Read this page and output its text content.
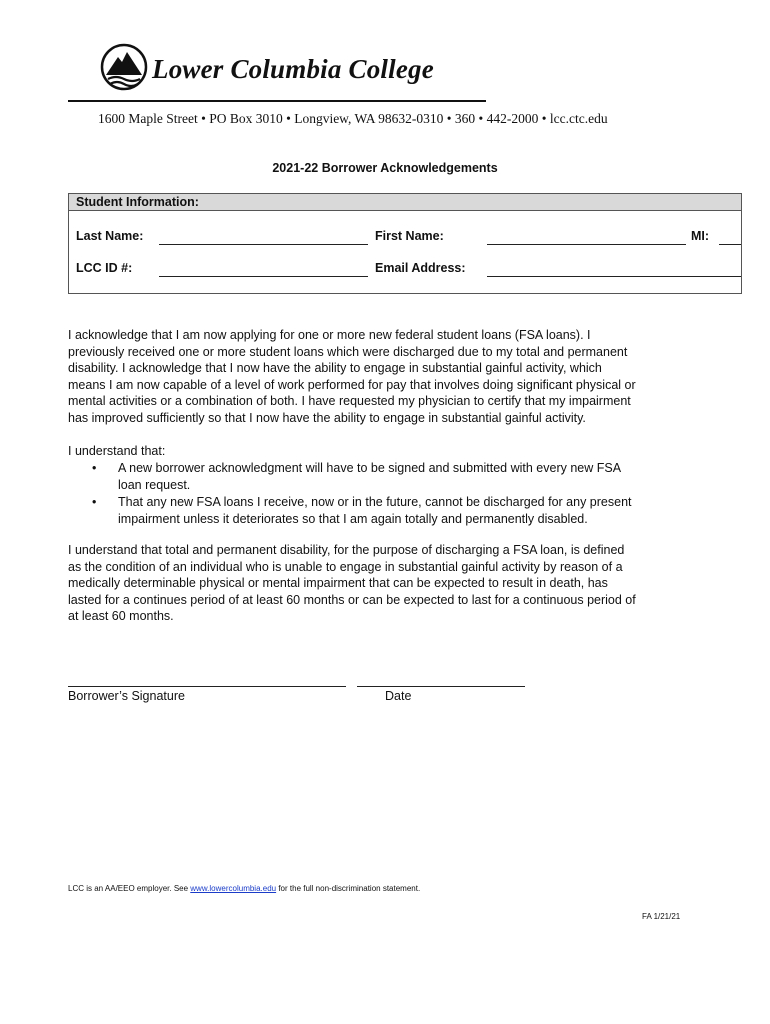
Lower Columbia College
1600 Maple Street • PO Box 3010 • Longview, WA 98632-0310 • 360 • 442-2000 • lcc.ctc.edu
2021-22 Borrower Acknowledgements
Student Information:
Last Name:	First Name:	MI:
LCC ID #:	Email Address:
I acknowledge that I am now applying for one or more new federal student loans (FSA loans). I
previously received one or more student loans which were discharged due to my total and permanent
disability. I acknowledge that I now have the ability to engage in substantial gainful activity, which
means I am now capable of a level of work performed for pay that involves doing significant physical or
mental activities or a combination of both. I have requested my physician to certify that my impairment
has improved sufficiently so that I now have the ability to engage in substantial gainful activity.
I understand that:
• A new borrower acknowledgment will have to be signed and submitted with every new FSA
loan request.
• That any new FSA loans I receive, now or in the future, cannot be discharged for any present
impairment unless it deteriorates so that I am again totally and permanently disabled.
I understand that total and permanent disability, for the purpose of discharging a FSA loan, is defined
as the condition of an individual who is unable to engage in substantial gainful activity by reason of a
medically determinable physical or mental impairment that can be expected to result in death, has
lasted for a continues period of at least 60 months or can be expected to last for a continuous period of
at least 60 months.
Borrower’s Signature	Date
LCC is an AA/EEO employer. See www.lowercolumbia.edu for the full non-discrimination statement.
FA 1/21/21
